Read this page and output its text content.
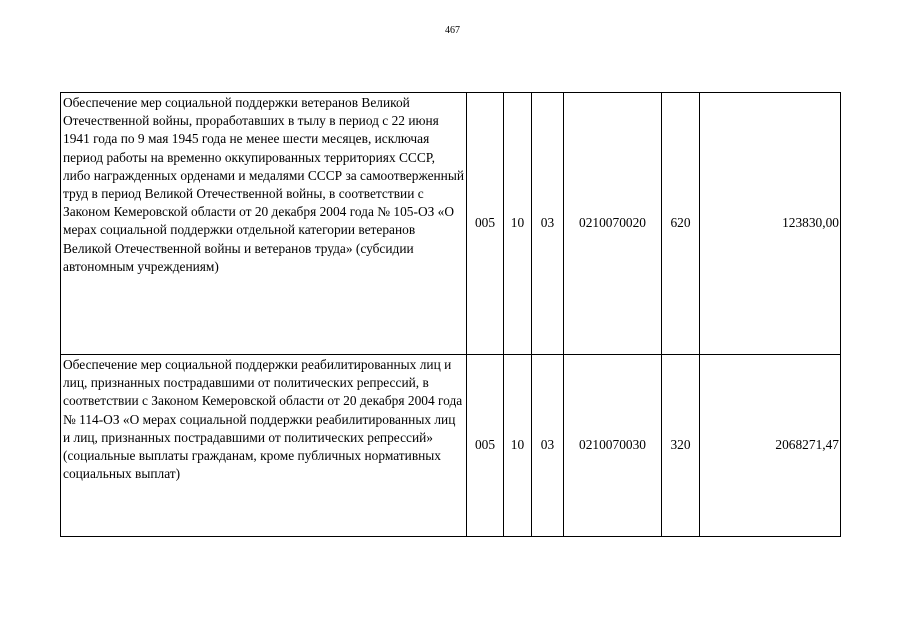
467
Обеспечение мер социальной поддержки ветеранов Великой Отечественной войны, проработавших в тылу в период с 22 июня 1941 года по 9 мая 1945 года не менее шести месяцев, исключая период работы на временно оккупированных территориях СССР, либо награжденных орденами и медалями СССР за самоотверженный труд в период Великой Отечественной войны, в соответствии с Законом Кемеровской области от 20 декабря 2004 года № 105-ОЗ «О мерах социальной поддержки отдельной категории ветеранов Великой Отечественной войны и ветеранов труда» (субсидии автономным учреждениям)	005	10	03	0210070020	620	123830,00
Обеспечение мер социальной поддержки реабилитированных лиц и лиц, признанных пострадавшими от политических репрессий, в соответствии с Законом Кемеровской области от 20 декабря 2004 года № 114-ОЗ «О мерах социальной поддержки реабилитированных лиц и лиц, признанных пострадавшими от политических репрессий» (социальные выплаты гражданам, кроме публичных нормативных социальных выплат)	005	10	03	0210070030	320	2068271,47
